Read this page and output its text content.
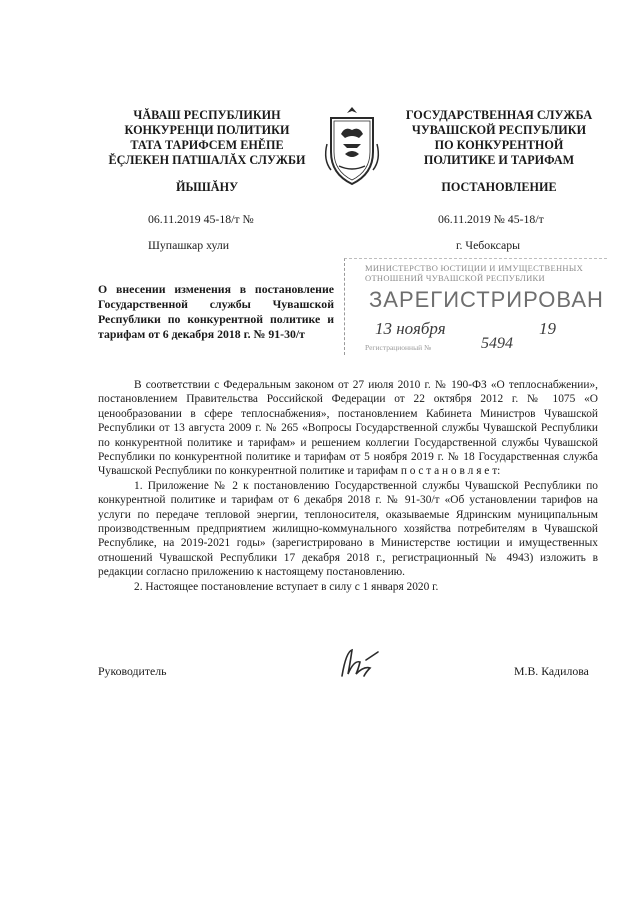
ЧĂВАШ РЕСПУБЛИКИН
КОНКУРЕНЦИ ПОЛИТИКИ
ТАТА ТАРИФСЕМ ЕНĚПЕ
ĔÇЛЕКЕН ПАТШАЛĂХ СЛУЖБИ
ГОСУДАРСТВЕННАЯ СЛУЖБА
ЧУВАШСКОЙ РЕСПУБЛИКИ
ПО КОНКУРЕНТНОЙ
ПОЛИТИКЕ И ТАРИФАМ
ЙЫШĂНУ	ПОСТАНОВЛЕНИЕ
06.11.2019 45-18/т №	06.11.2019 № 45-18/т
Шупашкар хули	г. Чебоксары
О внесении изменения в постановление Государственной службы Чувашской Республики по конкурентной политике и тарифам от 6 декабря 2018 г. № 91-30/т
МИНИСТЕРСТВО ЮСТИЦИИ И ИМУЩЕСТВЕННЫХ
ОТНОШЕНИЙ ЧУВАШСКОЙ РЕСПУБЛИКИ
ЗАРЕГИСТРИРОВАН
13 ноября	19
Регистрационный №	5494

В соответствии с Федеральным законом от 27 июля 2010 г. № 190-ФЗ «О теплоснабжении», постановлением Правительства Российской Федерации от 22 октября 2012 г. № 1075 «О ценообразовании в сфере теплоснабжения», постановлением Кабинета Министров Чувашской Республики от 13 августа 2009 г. № 265 «Вопросы Государственной службы Чувашской Республики по конкурентной политике и тарифам» и решением коллегии Государственной службы Чувашской Республики по конкурентной политике и тарифам от 5 ноября 2019 г. № 18 Государственная служба Чувашской Республики по конкурентной политике и тарифам п о с т а н о в л я е т:

1. Приложение № 2 к постановлению Государственной службы Чувашской Республики по конкурентной политике и тарифам от 6 декабря 2018 г. № 91-30/т «Об установлении тарифов на услуги по передаче тепловой энергии, теплоносителя, оказываемые Ядринским муниципальным производственным предприятием жилищно-коммунального хозяйства потребителям в Чувашской Республике, на 2019-2021 годы» (зарегистрировано в Министерстве юстиции и имущественных отношений Чувашской Республики 17 декабря 2018 г., регистрационный № 4943) изложить в редакции согласно приложению к настоящему постановлению.

2. Настоящее постановление вступает в силу с 1 января 2020 г.

Руководитель	М.В. Кадилова
